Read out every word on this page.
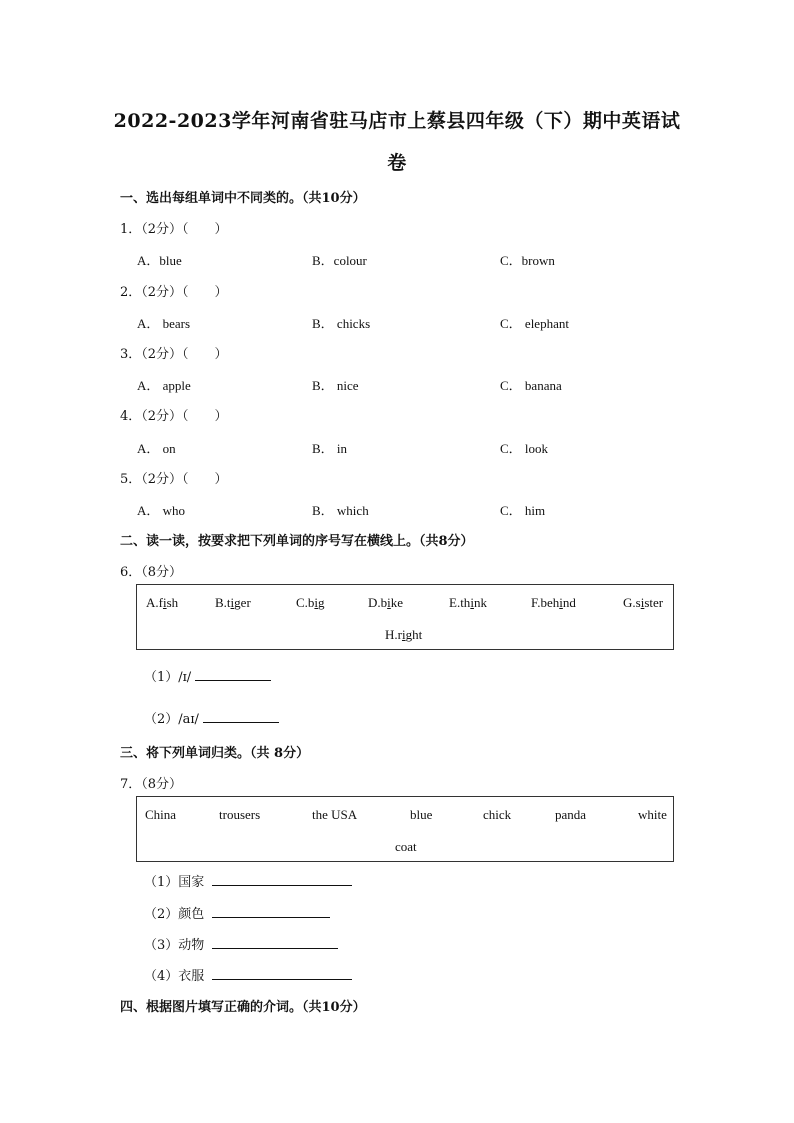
2022-2023学年河南省驻马店市上蔡县四年级（下）期中英语试
卷
一、选出每组单词中不同类的。（共10分）
1．（2分）（　　）
A．blue	B．colour	C．brown
2．（2分）（　　）
A． bears	B． chicks	C． elephant
3．（2分）（　　）
A． apple	B． nice	C． banana
4．（2分）（　　）
A． on	B． in	C． look
5．（2分）（　　）
A． who	B． which	C． him
二、读一读，按要求把下列单词的序号写在横线上。（共8分）
6．（8分）
A.fish	B.tiger	C.big	D.bike	E.think	F.behind	G.sister
H.right
（1）/ɪ/
（2）/aɪ/
三、将下列单词归类。（共 8分）
7．（8分）
China	trousers	the USA	blue	chick	panda	white
coat
（1）国家
（2）颜色
（3）动物
（4）衣服
四、根据图片填写正确的介词。（共10分）
